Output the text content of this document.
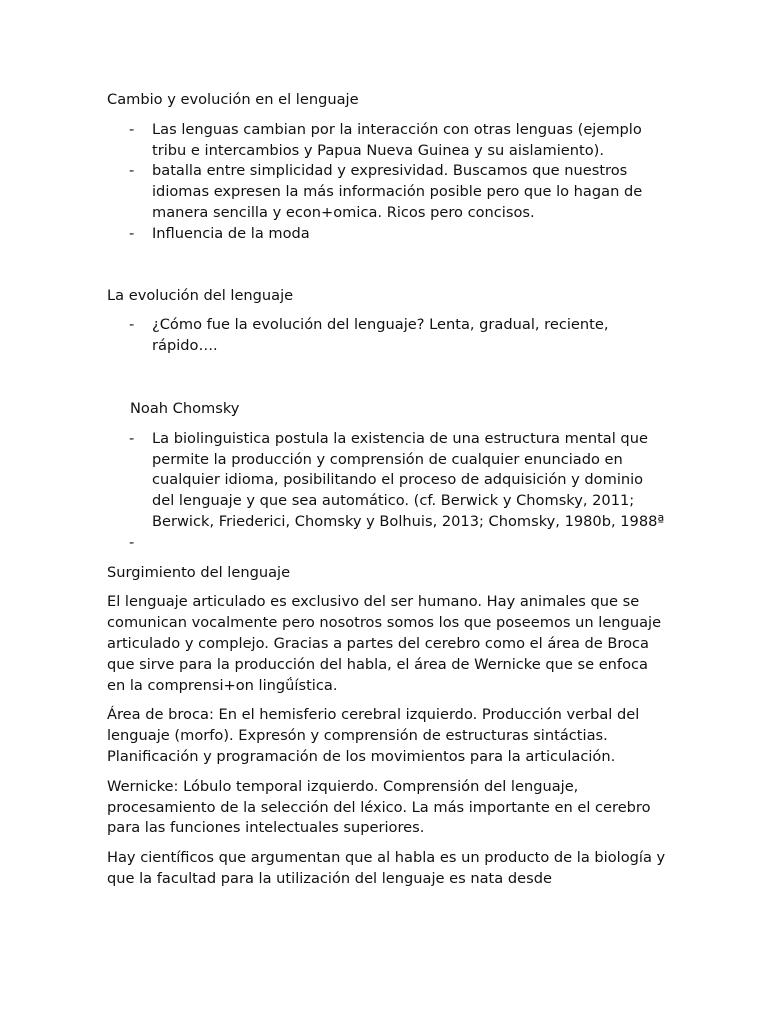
Cambio y evolución en el lenguaje
- Las lenguas cambian por la interacción con otras lenguas (ejemplo tribu e intercambios y Papua Nueva Guinea y su aislamiento).
- batalla entre simplicidad y expresividad. Buscamos que nuestros idiomas expresen la más información posible pero que lo hagan de manera sencilla y econ+omica. Ricos pero concisos.
- Influencia de la moda
La evolución del lenguaje
- ¿Cómo fue la evolución del lenguaje? Lenta, gradual, reciente, rápido….
Noah Chomsky
- La biolinguistica postula la existencia de una estructura mental que permite la producción y comprensión de cualquier enunciado en cualquier idioma, posibilitando el proceso de adquisición y dominio del lenguaje y que sea automático. (cf. Berwick y Chomsky, 2011; Berwick, Friederici, Chomsky y Bolhuis, 2013; Chomsky, 1980b, 1988ª
-
Surgimiento del lenguaje

El lenguaje articulado es exclusivo del ser humano. Hay animales que se comunican vocalmente pero nosotros somos los que poseemos un lenguaje articulado y complejo. Gracias a partes del cerebro como el área de Broca que sirve para la producción del habla, el área de Wernicke que se enfoca en la comprensi+on lingǘística.

Área de broca: En el hemisferio cerebral izquierdo. Producción verbal del lenguaje (morfo). Expresón y comprensión de estructuras sintáctias. Planificación y programación de los movimientos para la articulación.

Wernicke: Lóbulo temporal izquierdo. Comprensión del lenguaje, procesamiento de la selección del léxico. La más importante en el cerebro para las funciones intelectuales superiores.

Hay científicos que argumentan que al habla es un producto de la biología y que la facultad para la utilización del lenguaje es nata desde
